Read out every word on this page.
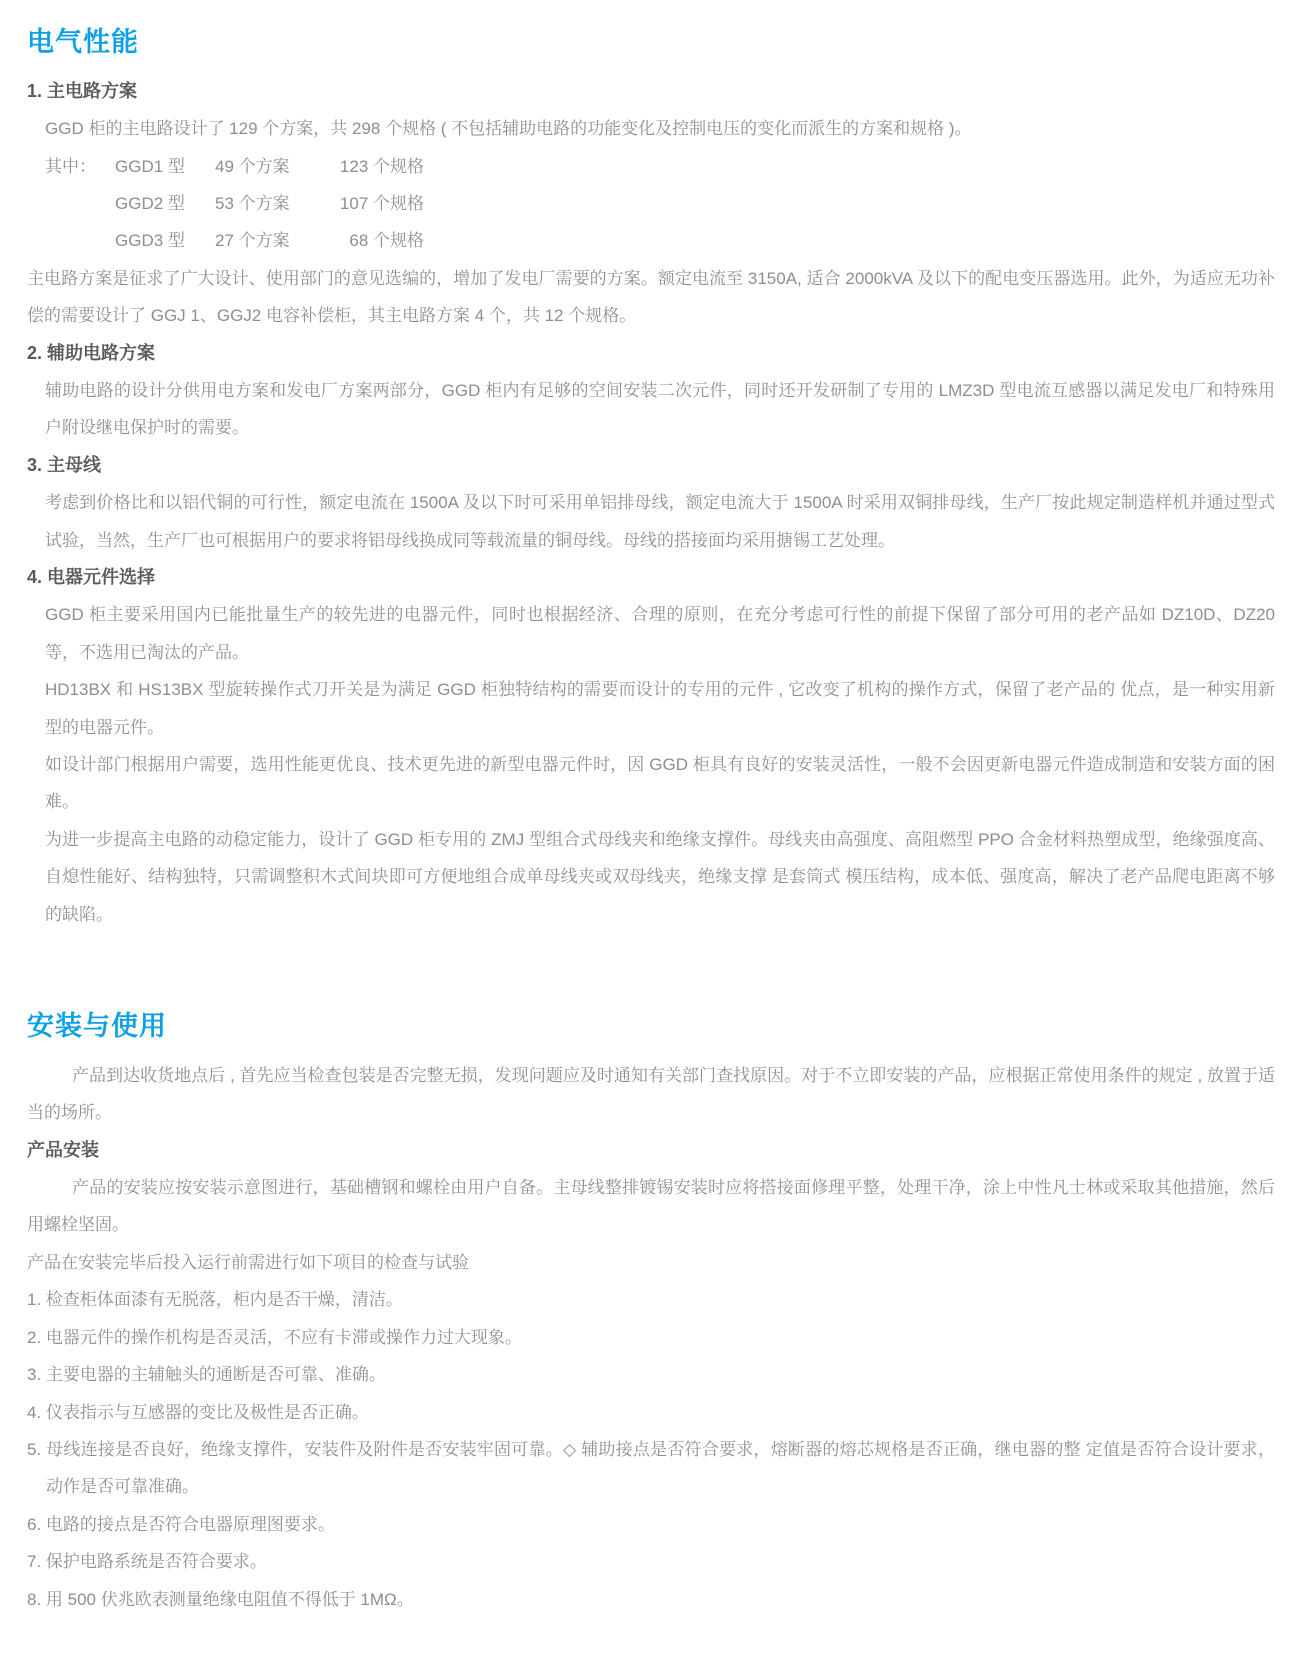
电气性能
1. 主电路方案

GGD 柜的主电路设计了 129 个方案，共 298 个规格 ( 不包括辅助电路的功能变化及控制电压的变化而派生的方案和规格 )。

其中：	GGD1 型	49 个方案	123 个规格
GGD2 型	53 个方案	107 个规格
GGD3 型	27 个方案	68 个规格

主电路方案是征求了广大设计、使用部门的意见选编的，增加了发电厂需要的方案。额定电流至 3150A, 适合 2000kVA 及以下的配电变压器选用。此外，为适应无功补偿的需要设计了 GGJ 1、GGJ2 电容补偿柜，其主电路方案 4 个，共 12 个规格。

2. 辅助电路方案

辅助电路的设计分供用电方案和发电厂方案两部分，GGD 柜内有足够的空间安装二次元件，同时还开发研制了专用的 LMZ3D 型电流互感器以满足发电厂和特殊用户附设继电保护时的需要。

3. 主母线

考虑到价格比和以铝代铜的可行性，额定电流在 1500A 及以下时可采用单铝排母线，额定电流大于 1500A 时采用双铜排母线，生产厂按此规定制造样机并通过型式试验，当然，生产厂也可根据用户的要求将铝母线换成同等载流量的铜母线。母线的搭接面均采用搪锡工艺处理。

4. 电器元件选择

GGD 柜主要采用国内已能批量生产的较先进的电器元件，同时也根据经济、合理的原则，在充分考虑可行性的前提下保留了部分可用的老产品如 DZ10D、DZ20 等，不选用已淘汰的产品。

HD13BX 和 HS13BX 型旋转操作式刀开关是为满足 GGD 柜独特结构的需要而设计的专用的元件 , 它改变了机构的操作方式，保留了老产品的 优点，是一种实用新型的电器元件。

如设计部门根据用户需要，选用性能更优良、技术更先进的新型电器元件时，因 GGD 柜具有良好的安装灵活性，一般不会因更新电器元件造成制造和安装方面的困难。

为进一步提高主电路的动稳定能力，设计了 GGD 柜专用的 ZMJ 型组合式母线夹和绝缘支撑件。母线夹由高强度、高阻燃型 PPO 合金材料热塑成型，绝缘强度高、自熄性能好、结构独特，只需调整积木式间块即可方便地组合成单母线夹或双母线夹，绝缘支撑 是套筒式 模压结构，成本低、强度高，解决了老产品爬电距离不够的缺陷。

安装与使用

产品到达收货地点后 , 首先应当检查包装是否完整无损，发现问题应及时通知有关部门查找原因。对于不立即安装的产品，应根据正常使用条件的规定 , 放置于适当的场所。

产品安装

产品的安装应按安装示意图进行，基础槽钢和螺栓由用户自备。主母线整排镀锡安装时应将搭接面修理平整，处理干净，涂上中性凡士林或采取其他措施，然后用螺栓坚固。

产品在安装完毕后投入运行前需进行如下项目的检查与试验

1. 检查柜体面漆有无脱落，柜内是否干燥，清洁。

2. 电器元件的操作机构是否灵活，不应有卡滞或操作力过大现象。

3. 主要电器的主辅触头的通断是否可靠、准确。

4. 仪表指示与互感器的变比及极性是否正确。

5. 母线连接是否良好，绝缘支撑件，安装件及附件是否安装牢固可靠。◇ 辅助接点是否符合要求，熔断器的熔芯规格是否正确，继电器的整 定值是否符合设计要求，动作是否可靠准确。

6. 电路的接点是否符合电器原理图要求。

7. 保护电路系统是否符合要求。

8. 用 500 伏兆欧表测量绝缘电阻值不得低于 1MΩ。
